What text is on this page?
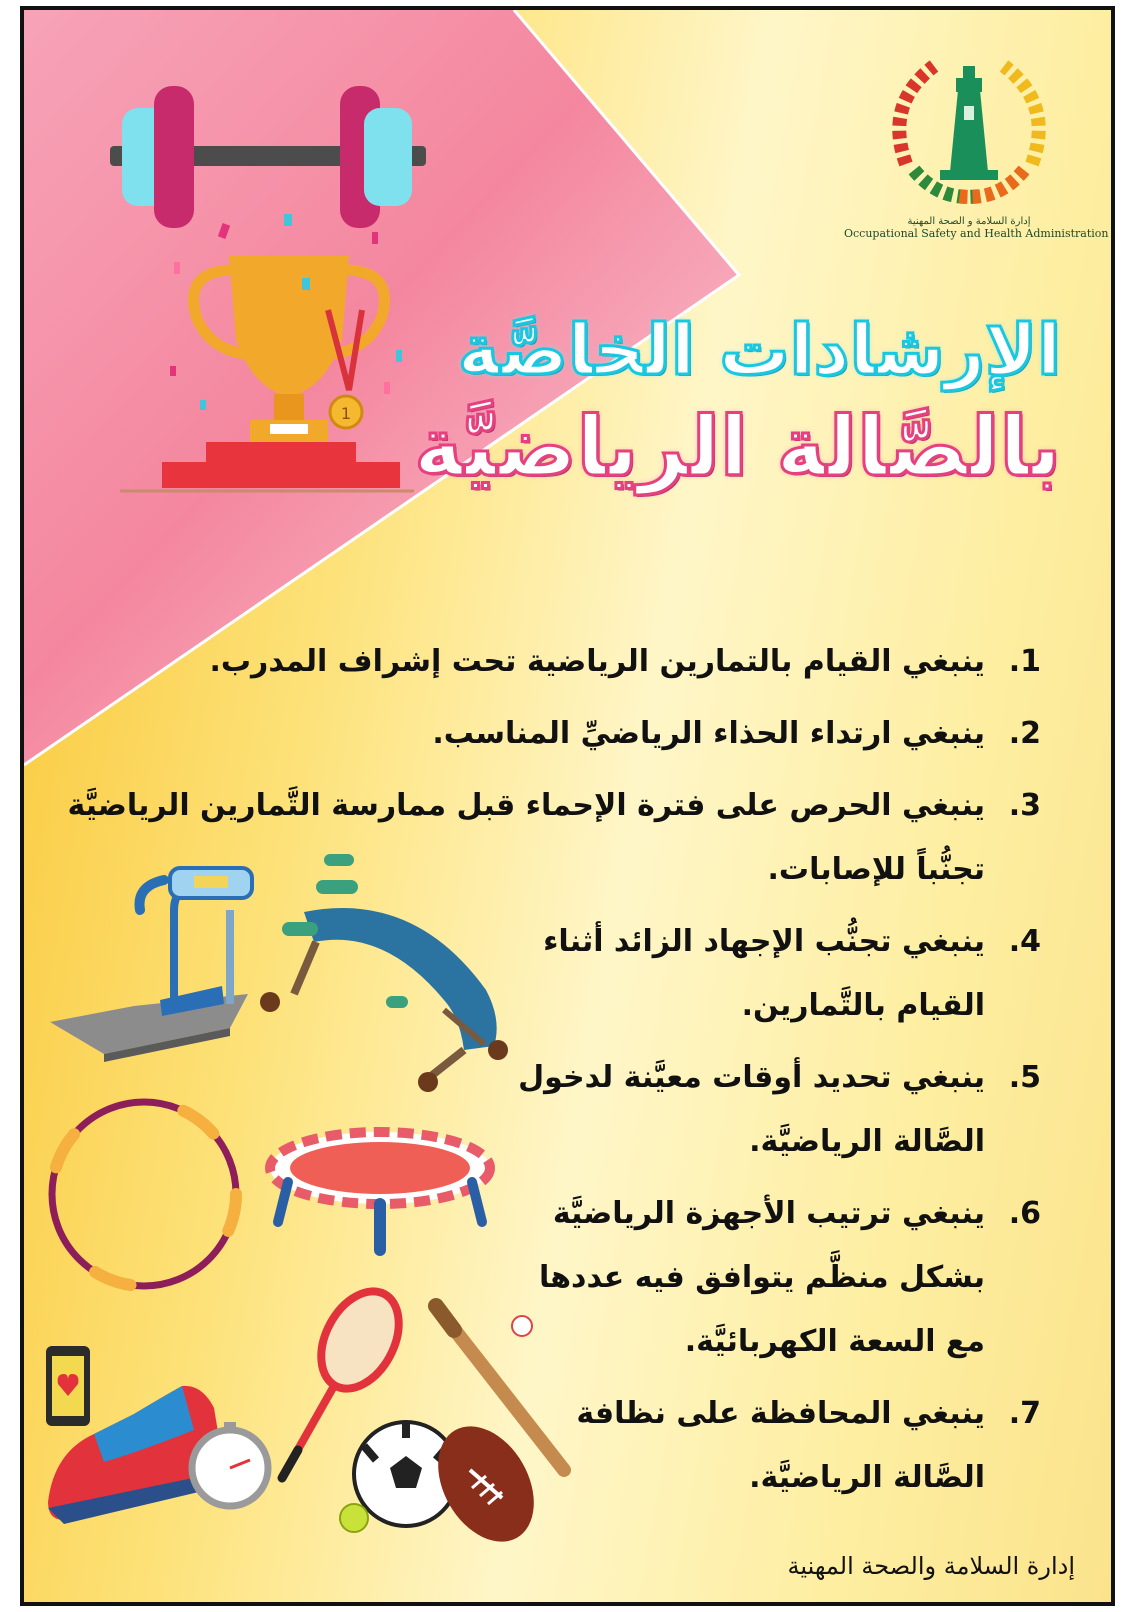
1
إدارة السلامة و الصحة المهنية
Occupational Safety and Health Administration
الإرشادات الخاصَّة
بالصَّالة الرياضيَّة
1.
ينبغي القيام بالتمارين الرياضية تحت إشراف المدرب.
2.
ينبغي ارتداء الحذاء الرياضيِّ المناسب.
3.
ينبغي الحرص على فترة الإحماء قبل ممارسة التَّمارين الرياضيَّة
تجنُّباً للإصابات.
4.
ينبغي تجنُّب الإجهاد الزائد أثناء
القيام بالتَّمارين.
5.
ينبغي تحديد أوقات معيَّنة لدخول
الصَّالة الرياضيَّة.
6.
ينبغي ترتيب الأجهزة الرياضيَّة
بشكل منظَّم يتوافق فيه عددها
مع السعة الكهربائيَّة.
7.
ينبغي المحافظة على نظافة
الصَّالة الرياضيَّة.
إدارة السلامة والصحة المهنية
